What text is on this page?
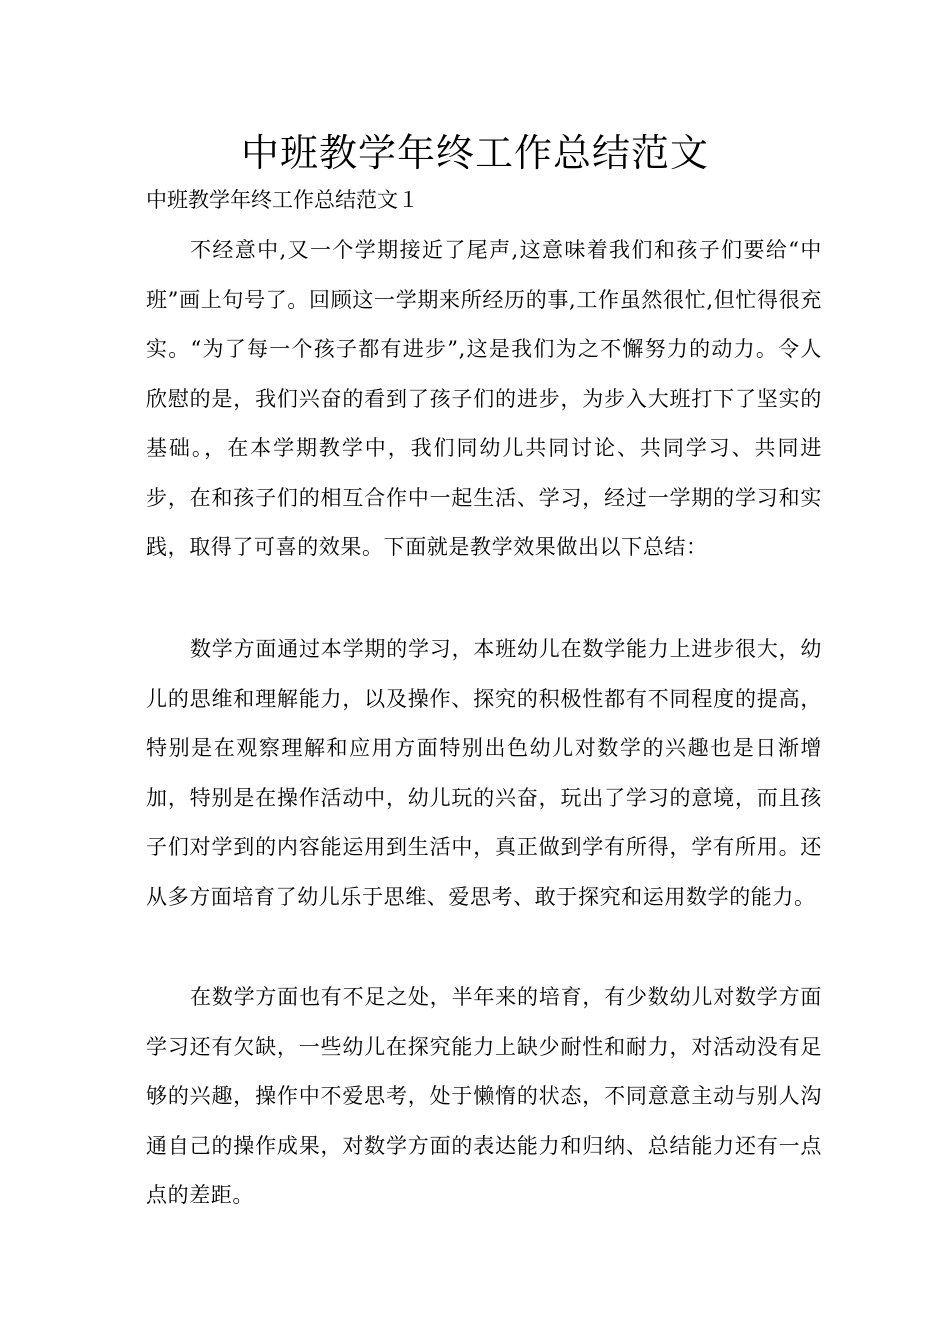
中班教学年终工作总结范文

中班教学年终工作总结范文１

不经意中,又一个学期接近了尾声,这意味着我们和孩子们要给“中班”画上句号了。回顾这一学期来所经历的事,工作虽然很忙,但忙得很充实。“为了每一个孩子都有进步”,这是我们为之不懈努力的动力。令人欣慰的是，我们兴奋的看到了孩子们的进步，为步入大班打下了坚实的基础。，在本学期教学中，我们同幼儿共同讨论、共同学习、共同进步，在和孩子们的相互合作中一起生活、学习，经过一学期的学习和实践，取得了可喜的效果。下面就是教学效果做出以下总结：

数学方面通过本学期的学习，本班幼儿在数学能力上进步很大，幼儿的思维和理解能力，以及操作、探究的积极性都有不同程度的提高，特别是在观察理解和应用方面特别出色幼儿对数学的兴趣也是日渐增加，特别是在操作活动中，幼儿玩的兴奋，玩出了学习的意境，而且孩子们对学到的内容能运用到生活中，真正做到学有所得，学有所用。还从多方面培育了幼儿乐于思维、爱思考、敢于探究和运用数学的能力。

在数学方面也有不足之处，半年来的培育，有少数幼儿对数学方面学习还有欠缺，一些幼儿在探究能力上缺少耐性和耐力，对活动没有足够的兴趣，操作中不爱思考，处于懒惰的状态，不同意意主动与别人沟通自己的操作成果，对数学方面的表达能力和归纳、总结能力还有一点点的差距。
